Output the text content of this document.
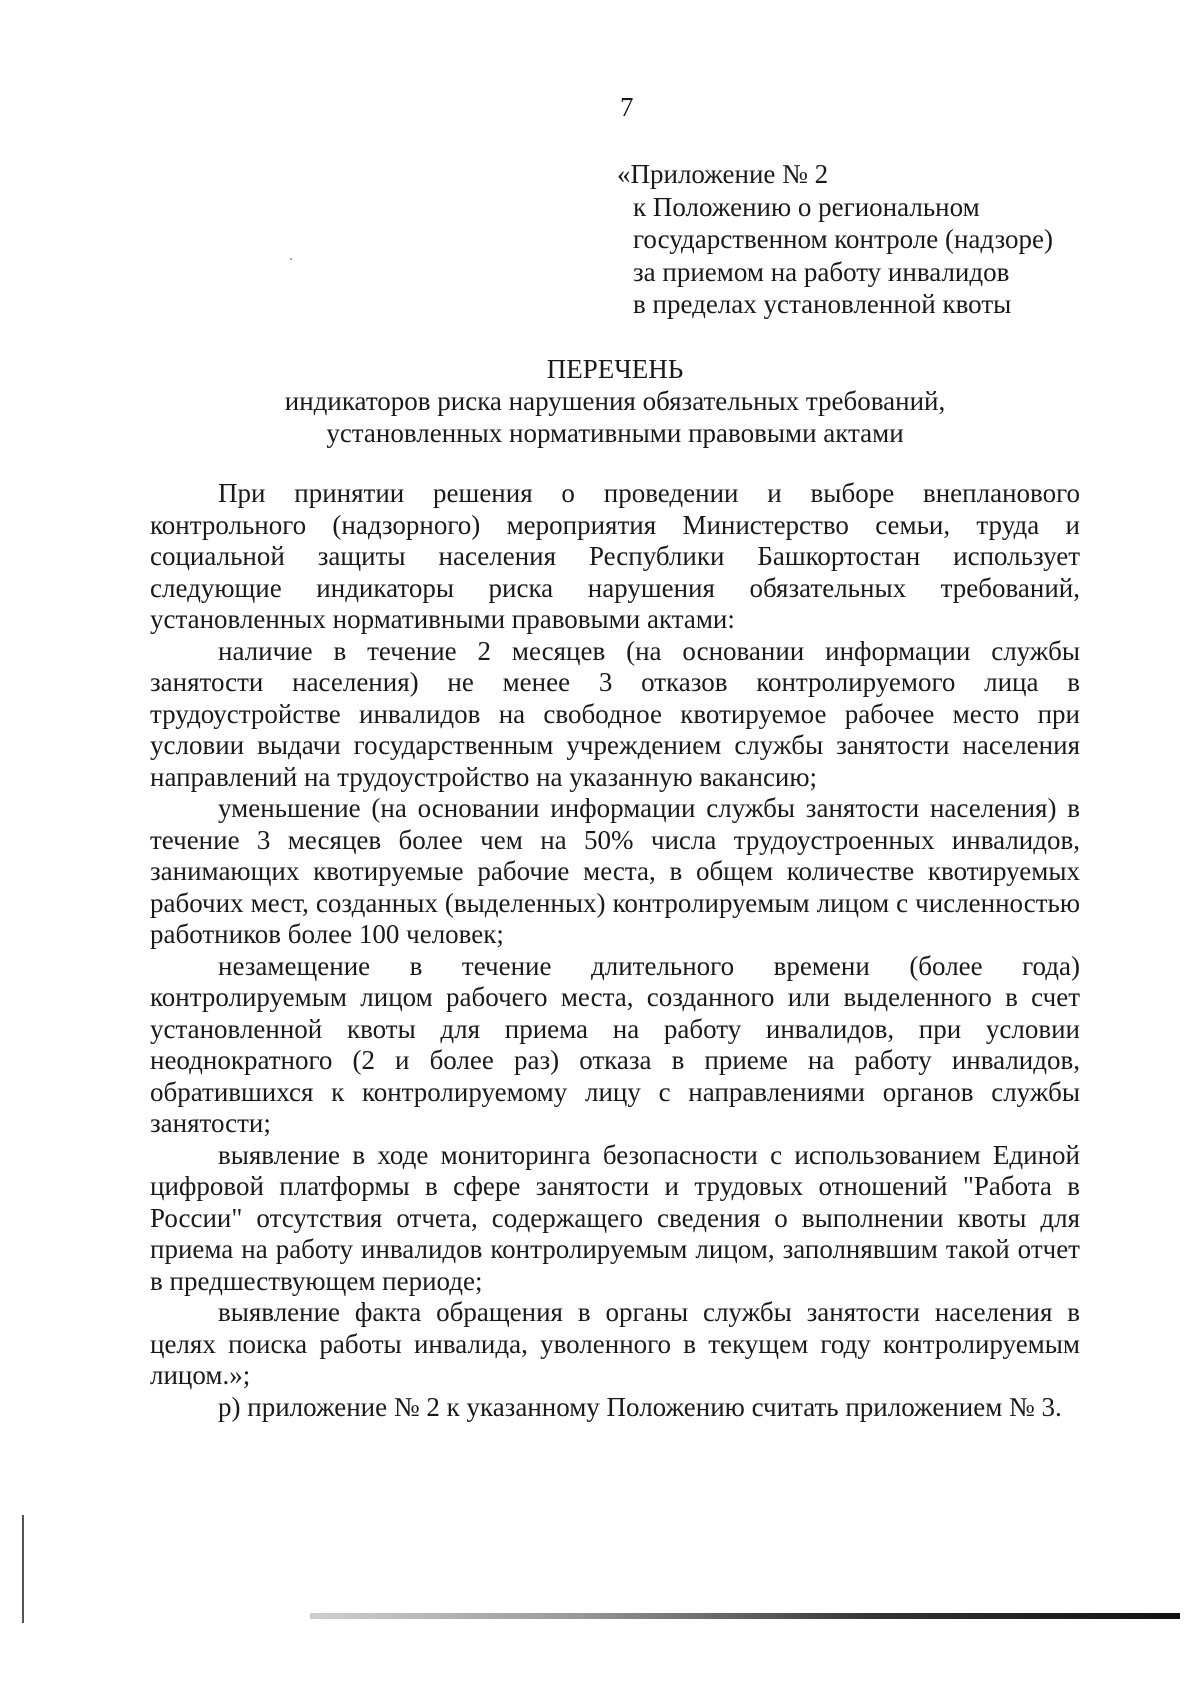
7
«Приложение № 2
к Положению о региональном
государственном контроле (надзоре)
за приемом на работу инвалидов
в пределах установленной квоты
ПЕРЕЧЕНЬ
индикаторов риска нарушения обязательных требований,
установленных нормативными правовыми актами

При принятии решения о проведении и выборе внепланового контрольного (надзорного) мероприятия Министерство семьи, труда и социальной защиты населения Республики Башкортостан использует следующие индикаторы риска нарушения обязательных требований, установленных нормативными правовыми актами:

наличие в течение 2 месяцев (на основании информации службы занятости населения) не менее 3 отказов контролируемого лица в трудоустройстве инвалидов на свободное квотируемое рабочее место при условии выдачи государственным учреждением службы занятости населения направлений на трудоустройство на указанную вакансию;

уменьшение (на основании информации службы занятости населения) в течение 3 месяцев более чем на 50% числа трудоустроенных инвалидов, занимающих квотируемые рабочие места, в общем количестве квотируемых рабочих мест, созданных (выделенных) контролируемым лицом с численностью работников более 100 человек;

незамещение в течение длительного времени (более года) контролируемым лицом рабочего места, созданного или выделенного в счет установленной квоты для приема на работу инвалидов, при условии неоднократного (2 и более раз) отказа в приеме на работу инвалидов, обратившихся к контролируемому лицу с направлениями органов службы занятости;

выявление в ходе мониторинга безопасности с использованием Единой цифровой платформы в сфере занятости и трудовых отношений "Работа в России" отсутствия отчета, содержащего сведения о выполнении квоты для приема на работу инвалидов контролируемым лицом, заполнявшим такой отчет в предшествующем периоде;

выявление факта обращения в органы службы занятости населения в целях поиска работы инвалида, уволенного в текущем году контролируемым лицом.»;

р) приложение № 2 к указанному Положению считать приложением № 3.
